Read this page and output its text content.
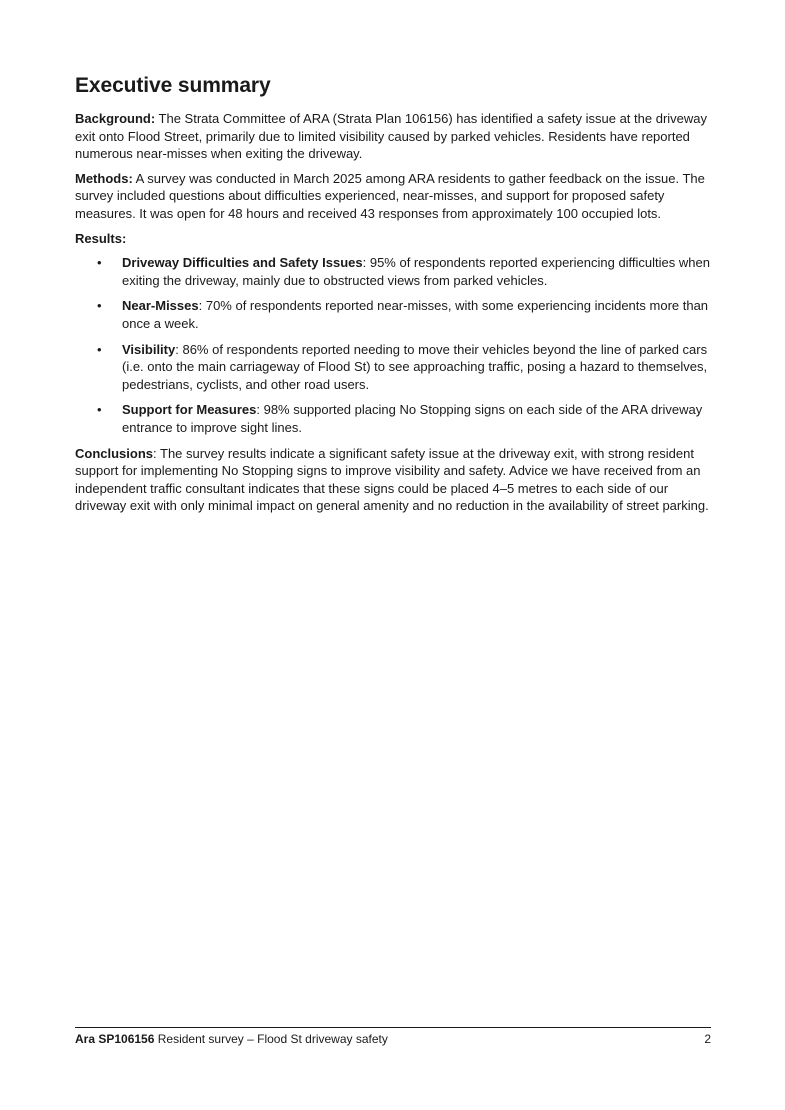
Executive summary

Background: The Strata Committee of ARA (Strata Plan 106156) has identified a safety issue at the driveway exit onto Flood Street, primarily due to limited visibility caused by parked vehicles. Residents have reported numerous near-misses when exiting the driveway.

Methods: A survey was conducted in March 2025 among ARA residents to gather feedback on the issue. The survey included questions about difficulties experienced, near-misses, and support for proposed safety measures. It was open for 48 hours and received 43 responses from approximately 100 occupied lots.

Results:

• Driveway Difficulties and Safety Issues: 95% of respondents reported experiencing difficulties when exiting the driveway, mainly due to obstructed views from parked vehicles.
• Near-Misses: 70% of respondents reported near-misses, with some experiencing incidents more than once a week.
• Visibility: 86% of respondents reported needing to move their vehicles beyond the line of parked cars (i.e. onto the main carriageway of Flood St) to see approaching traffic, posing a hazard to themselves, pedestrians, cyclists, and other road users.
• Support for Measures: 98% supported placing No Stopping signs on each side of the ARA driveway entrance to improve sight lines.

Conclusions: The survey results indicate a significant safety issue at the driveway exit, with strong resident support for implementing No Stopping signs to improve visibility and safety. Advice we have received from an independent traffic consultant indicates that these signs could be placed 4–5 metres to each side of our driveway exit with only minimal impact on general amenity and no reduction in the availability of street parking.

Ara SP106156 Resident survey – Flood St driveway safety	2
